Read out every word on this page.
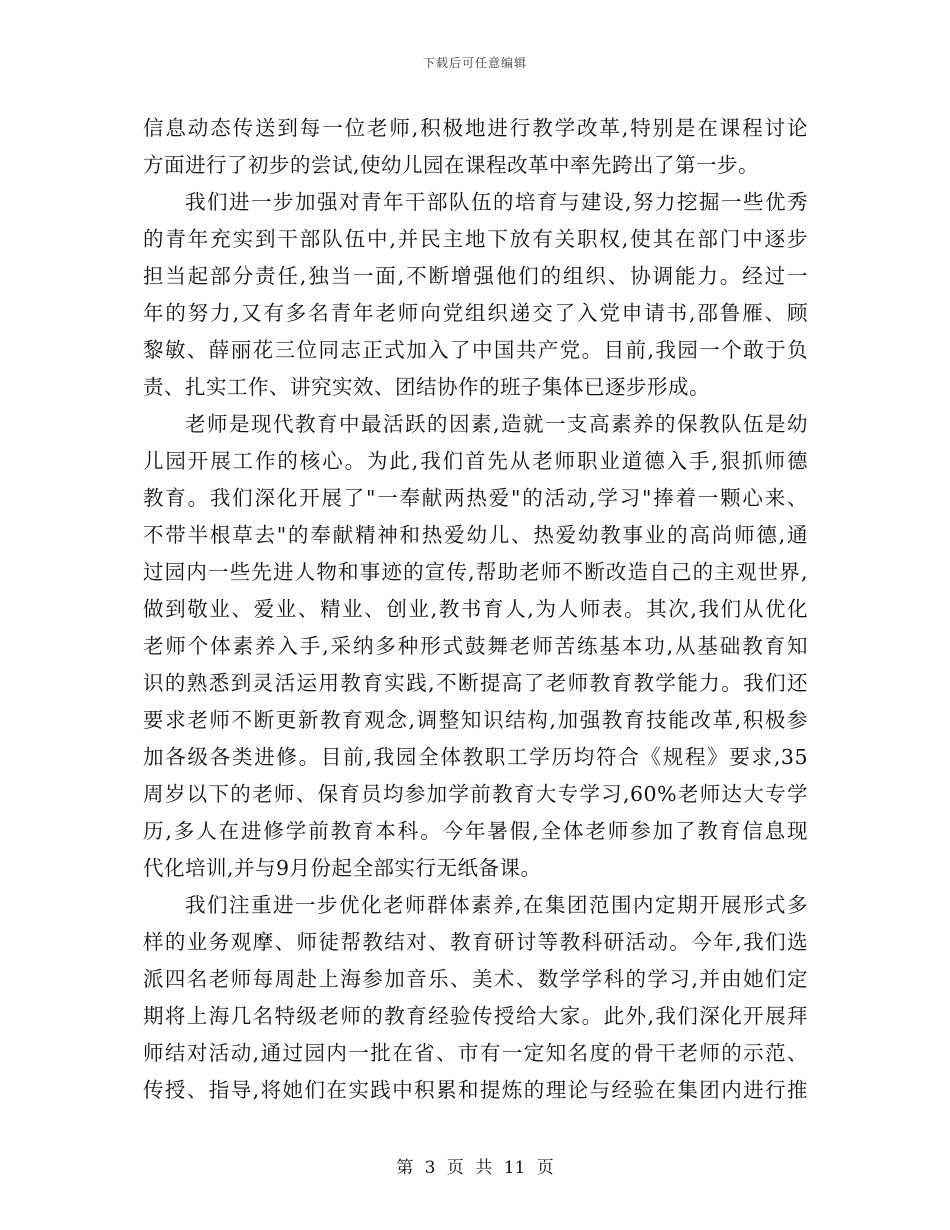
下载后可任意编辑
信息动态传送到每一位老师,积极地进行教学改革,特别是在课程讨论
方面进行了初步的尝试,使幼儿园在课程改革中率先跨出了第一步。
我们进一步加强对青年干部队伍的培育与建设,努力挖掘一些优秀
的青年充实到干部队伍中,并民主地下放有关职权,使其在部门中逐步
担当起部分责任,独当一面,不断增强他们的组织、协调能力。经过一
年的努力,又有多名青年老师向党组织递交了入党申请书,邵鲁雁、顾
黎敏、薛丽花三位同志正式加入了中国共产党。目前,我园一个敢于负
责、扎实工作、讲究实效、团结协作的班子集体已逐步形成。
老师是现代教育中最活跃的因素,造就一支高素养的保教队伍是幼
儿园开展工作的核心。为此,我们首先从老师职业道德入手,狠抓师德
教育。我们深化开展了"一奉献两热爱"的活动,学习"捧着一颗心来、
不带半根草去"的奉献精神和热爱幼儿、热爱幼教事业的高尚师德,通
过园内一些先进人物和事迹的宣传,帮助老师不断改造自己的主观世界,
做到敬业、爱业、精业、创业,教书育人,为人师表。其次,我们从优化
老师个体素养入手,采纳多种形式鼓舞老师苦练基本功,从基础教育知
识的熟悉到灵活运用教育实践,不断提高了老师教育教学能力。我们还
要求老师不断更新教育观念,调整知识结构,加强教育技能改革,积极参
加各级各类进修。目前,我园全体教职工学历均符合《规程》要求,35
周岁以下的老师、保育员均参加学前教育大专学习,60%老师达大专学
历,多人在进修学前教育本科。今年暑假,全体老师参加了教育信息现
代化培训,并与9月份起全部实行无纸备课。
我们注重进一步优化老师群体素养,在集团范围内定期开展形式多
样的业务观摩、师徒帮教结对、教育研讨等教科研活动。今年,我们选
派四名老师每周赴上海参加音乐、美术、数学学科的学习,并由她们定
期将上海几名特级老师的教育经验传授给大家。此外,我们深化开展拜
师结对活动,通过园内一批在省、市有一定知名度的骨干老师的示范、
传授、指导,将她们在实践中积累和提炼的理论与经验在集团内进行推
第 3 页 共 11 页
